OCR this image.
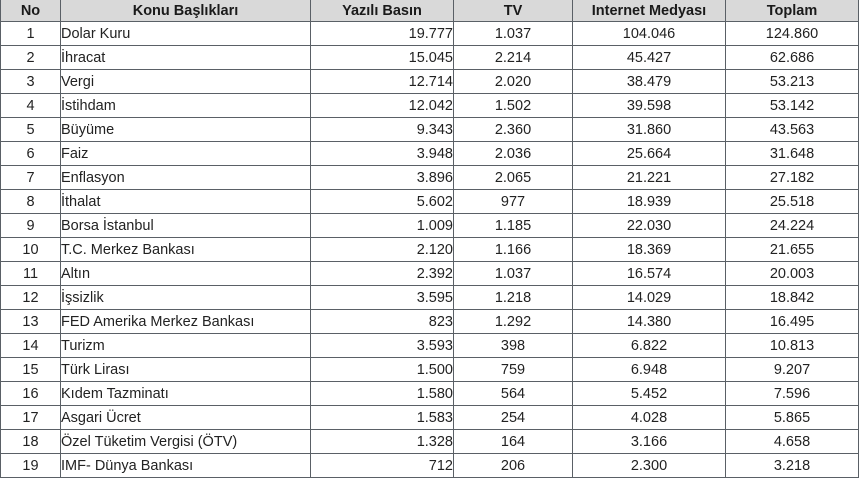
No	Konu Başlıkları	Yazılı Basın	TV	Internet Medyası	Toplam
1	Dolar Kuru	19.777	1.037	104.046	124.860
2	İhracat	15.045	2.214	45.427	62.686
3	Vergi	12.714	2.020	38.479	53.213
4	İstihdam	12.042	1.502	39.598	53.142
5	Büyüme	9.343	2.360	31.860	43.563
6	Faiz	3.948	2.036	25.664	31.648
7	Enflasyon	3.896	2.065	21.221	27.182
8	İthalat	5.602	977	18.939	25.518
9	Borsa İstanbul	1.009	1.185	22.030	24.224
10	T.C. Merkez Bankası	2.120	1.166	18.369	21.655
11	Altın	2.392	1.037	16.574	20.003
12	İşsizlik	3.595	1.218	14.029	18.842
13	FED Amerika Merkez Bankası	823	1.292	14.380	16.495
14	Turizm	3.593	398	6.822	10.813
15	Türk Lirası	1.500	759	6.948	9.207
16	Kıdem Tazminatı	1.580	564	5.452	7.596
17	Asgari Ücret	1.583	254	4.028	5.865
18	Özel Tüketim Vergisi (ÖTV)	1.328	164	3.166	4.658
19	IMF- Dünya Bankası	712	206	2.300	3.218
